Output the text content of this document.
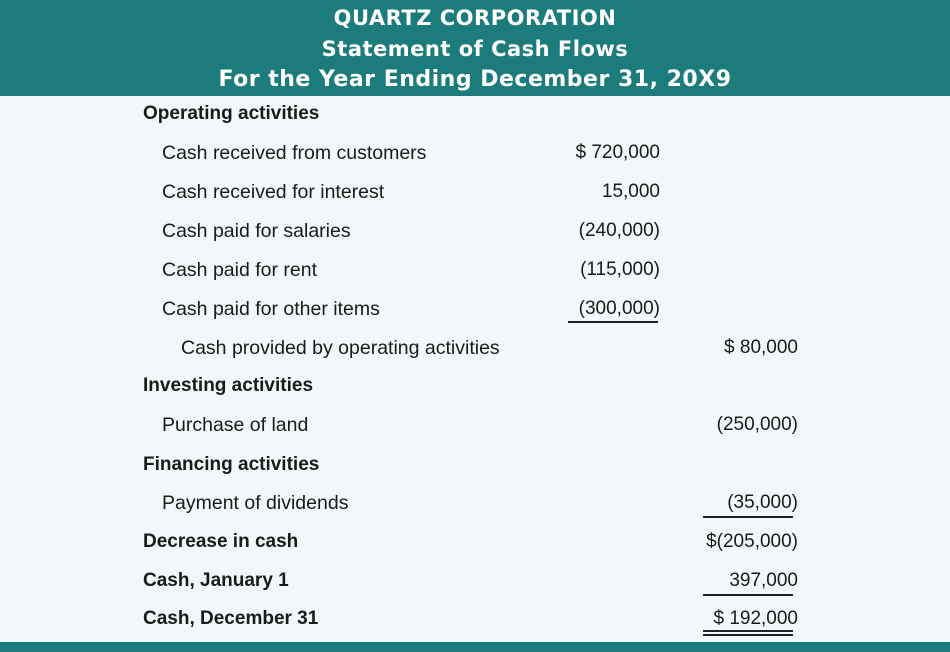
QUARTZ CORPORATION
Statement of Cash Flows
For the Year Ending December 31, 20X9
Operating activities
Cash received from customers	$ 720,000
Cash received for interest	15,000
Cash paid for salaries	(240,000)
Cash paid for rent	(115,000)
Cash paid for other items	(300,000)
Cash provided by operating activities	$ 80,000
Investing activities
Purchase of land	(250,000)
Financing activities
Payment of dividends	(35,000)
Decrease in cash	$(205,000)
Cash, January 1	397,000
Cash, December 31	$ 192,000
